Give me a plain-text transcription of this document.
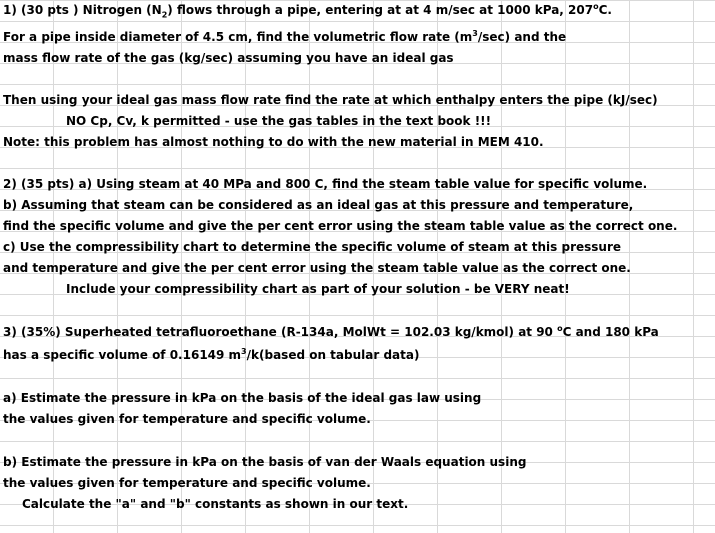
1) (30 pts ) Nitrogen $(N_2)$ flows through a pipe, entering at at 4 m/sec at 1000 kPa, 207$^o$C.
For a pipe inside diameter of 4.5 cm, find the volumetric flow rate $(m^3/\sec)$ and the
mass flow rate of the gas (kg/sec) assuming you have an ideal gas
Then using your ideal gas mass flow rate find the rate at which enthalpy enters the pipe (kJ/sec)
NO Cp, Cv, k permitted - use the gas tables in the text book !!!
Note: this problem has almost nothing to do with the new material in MEM 410.
2) (35 pts) a) Using steam at 40 MPa and 800 C, find the steam table value for specific volume.
b) Assuming that steam can be considered as an ideal gas at this pressure and temperature,
find the specific volume and give the per cent error using the steam table value as the correct one.
c) Use the compressibility chart to determine the specific volume of steam at this pressure
and temperature and give the per cent error using the steam table value as the correct one.
Include your compressibility chart as part of your solution - be VERY neat!
3) (35%) Superheated tetrafluoroethane (R-134a, MolWt = 102.03 kg/kmol) at 90 $^o$C and 180 kPa
has a specific volume of 0.16149 $m^3/k(based$ on tabular data)
a) Estimate the pressure in kPa on the basis of the ideal gas law using
the values given for temperature and specific volume.
b) Estimate the pressure in kPa on the basis of van der Waals equation using
the values given for temperature and specific volume.
Calculate the "a" and "b" constants as shown in our text.
